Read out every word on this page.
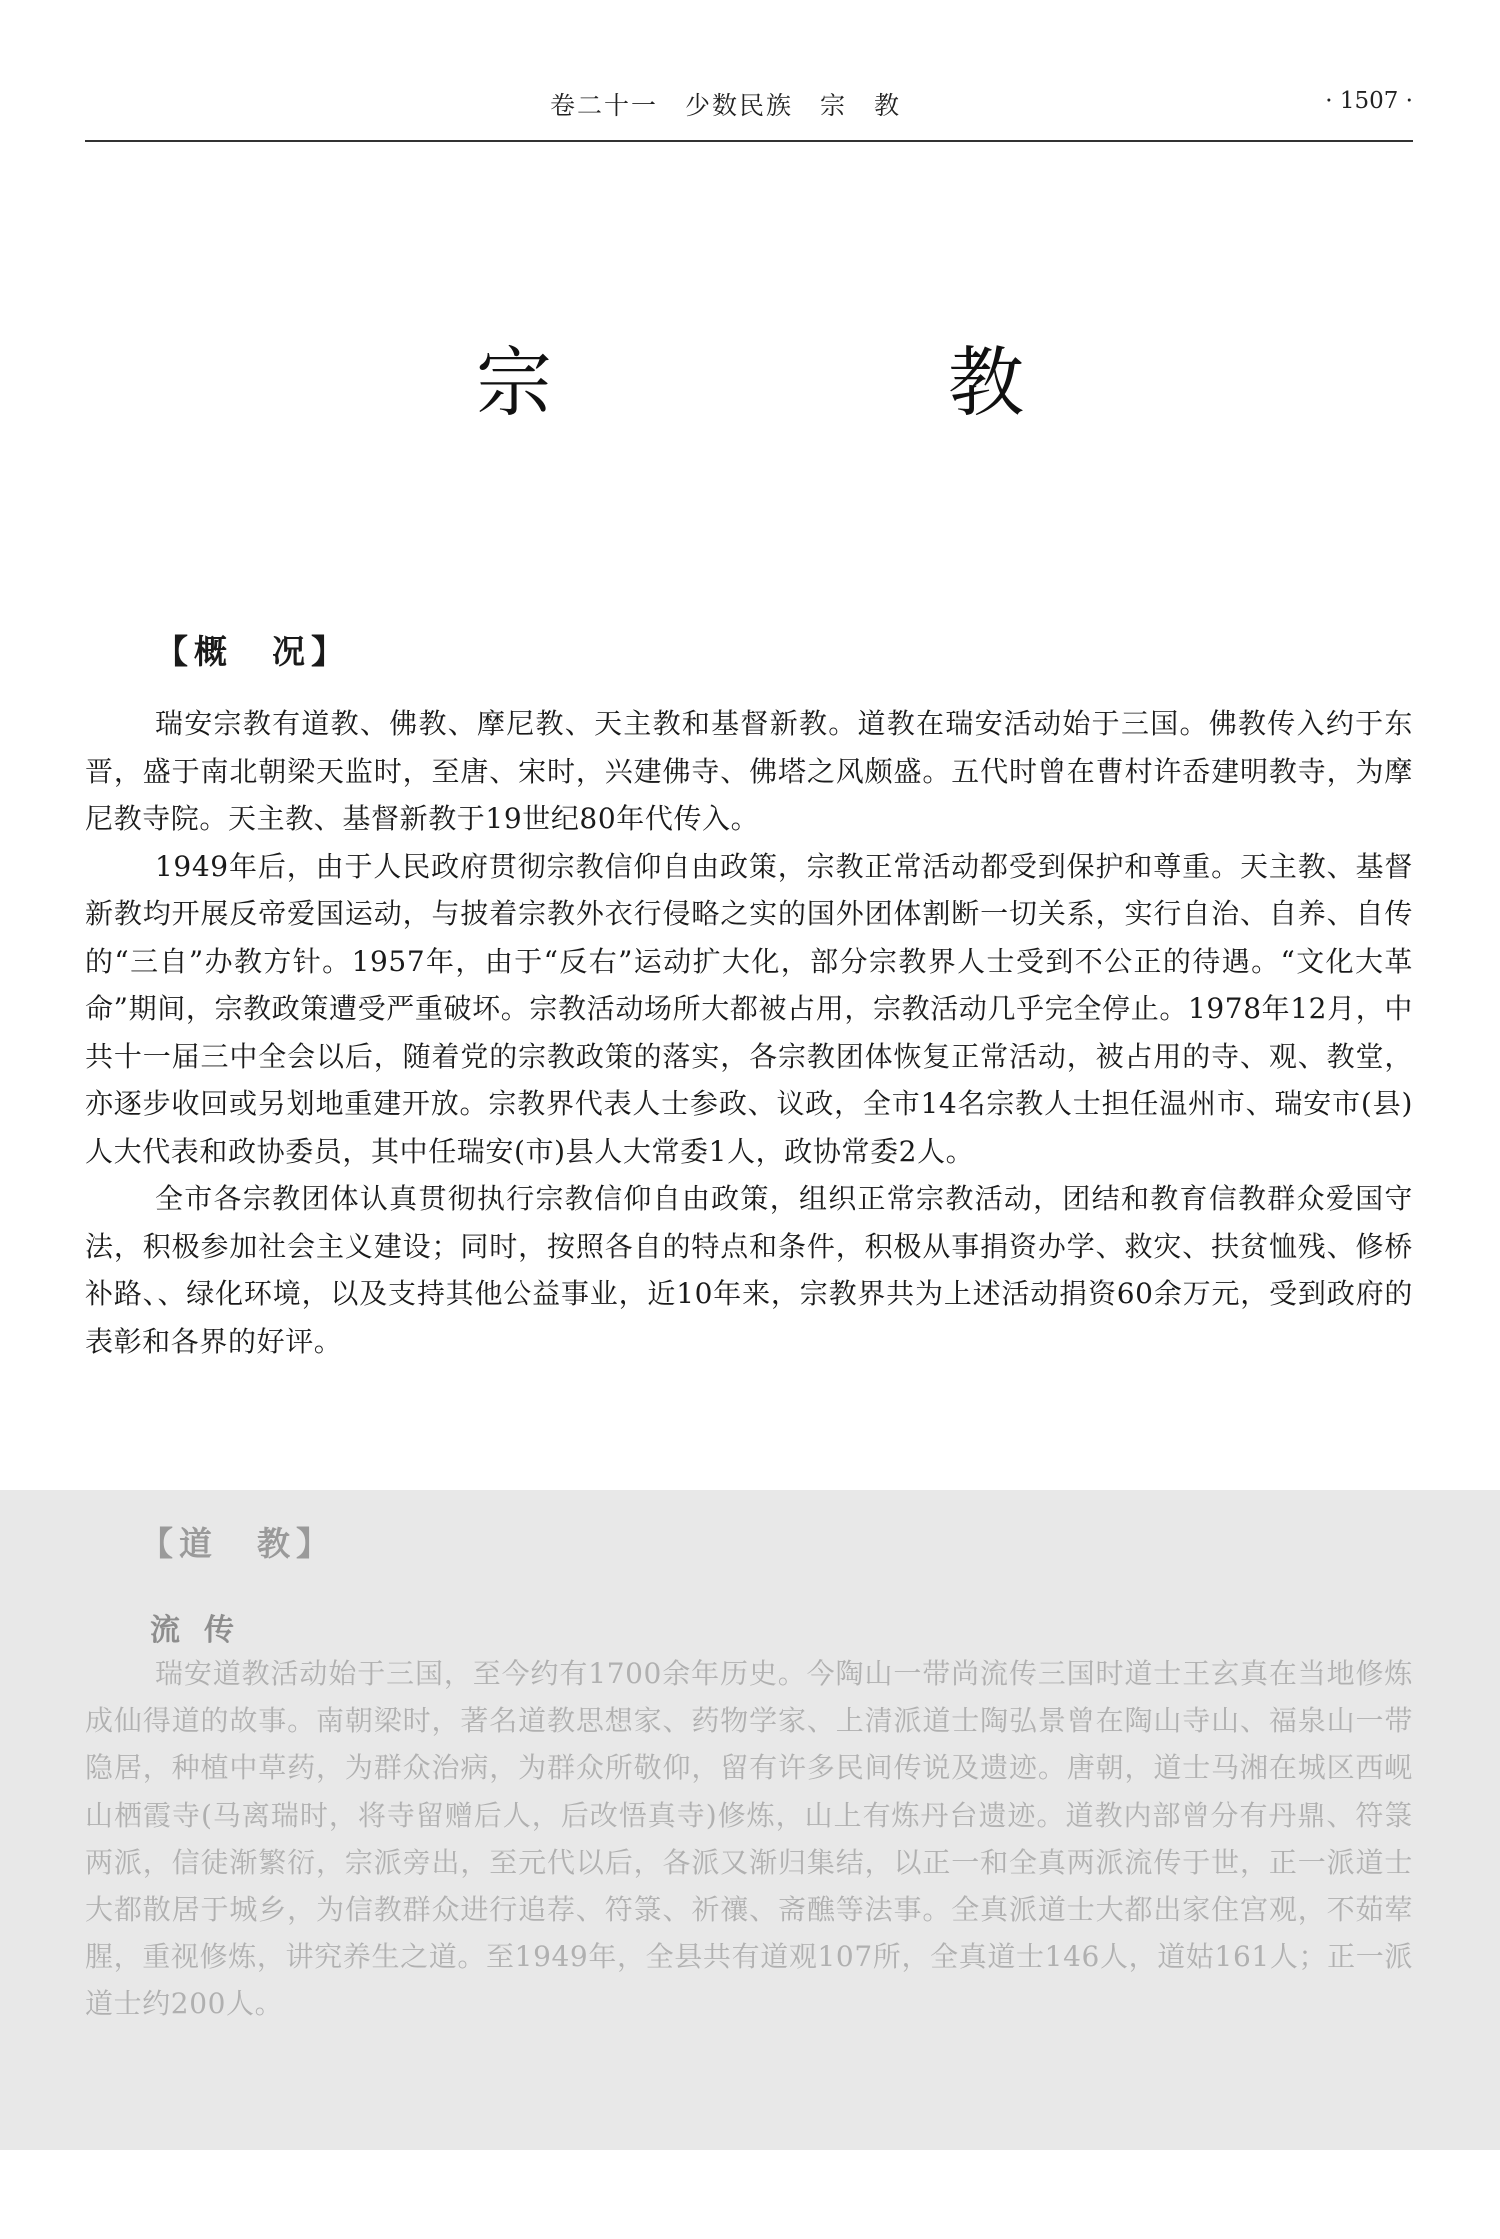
卷二十一　少数民族　宗　教	· 1507 ·
宗　教
【概　况】

瑞安宗教有道教、佛教、摩尼教、天主教和基督新教。道教在瑞安活动始于三国。佛教传入约于东晋，盛于南北朝梁天监时，至唐、宋时，兴建佛寺、佛塔之风颇盛。五代时曾在曹村许岙建明教寺，为摩尼教寺院。天主教、基督新教于19世纪80年代传入。

1949年后，由于人民政府贯彻宗教信仰自由政策，宗教正常活动都受到保护和尊重。天主教、基督新教均开展反帝爱国运动，与披着宗教外衣行侵略之实的国外团体割断一切关系，实行自治、自养、自传的“三自”办教方针。1957年，由于“反右”运动扩大化，部分宗教界人士受到不公正的待遇。“文化大革命”期间，宗教政策遭受严重破坏。宗教活动场所大都被占用，宗教活动几乎完全停止。1978年12月，中共十一届三中全会以后，随着党的宗教政策的落实，各宗教团体恢复正常活动，被占用的寺、观、教堂，亦逐步收回或另划地重建开放。宗教界代表人士参政、议政，全市14名宗教人士担任温州市、瑞安市(县)人大代表和政协委员，其中任瑞安(市)县人大常委1人，政协常委2人。

全市各宗教团体认真贯彻执行宗教信仰自由政策，组织正常宗教活动，团结和教育信教群众爱国守法，积极参加社会主义建设；同时，按照各自的特点和条件，积极从事捐资办学、救灾、扶贫恤残、修桥补路、、绿化环境，以及支持其他公益事业，近10年来，宗教界共为上述活动捐资60余万元，受到政府的表彰和各界的好评。

【道　教】
流传

瑞安道教活动始于三国，至今约有1700余年历史。今陶山一带尚流传三国时道士王玄真在当地修炼成仙得道的故事。南朝梁时，著名道教思想家、药物学家、上清派道士陶弘景曾在陶山寺山、福泉山一带隐居，种植中草药，为群众治病，为群众所敬仰，留有许多民间传说及遗迹。唐朝，道士马湘在城区西岘山栖霞寺(马离瑞时，将寺留赠后人，后改悟真寺)修炼，山上有炼丹台遗迹。道教内部曾分有丹鼎、符箓两派，信徒渐繁衍，宗派旁出，至元代以后，各派又渐归集结，以正一和全真两派流传于世，正一派道士大都散居于城乡，为信教群众进行追荐、符箓、祈禳、斋醮等法事。全真派道士大都出家住宫观，不茹荤腥，重视修炼，讲究养生之道。至1949年，全县共有道观107所，全真道士146人，道姑161人；正一派道士约200人。
